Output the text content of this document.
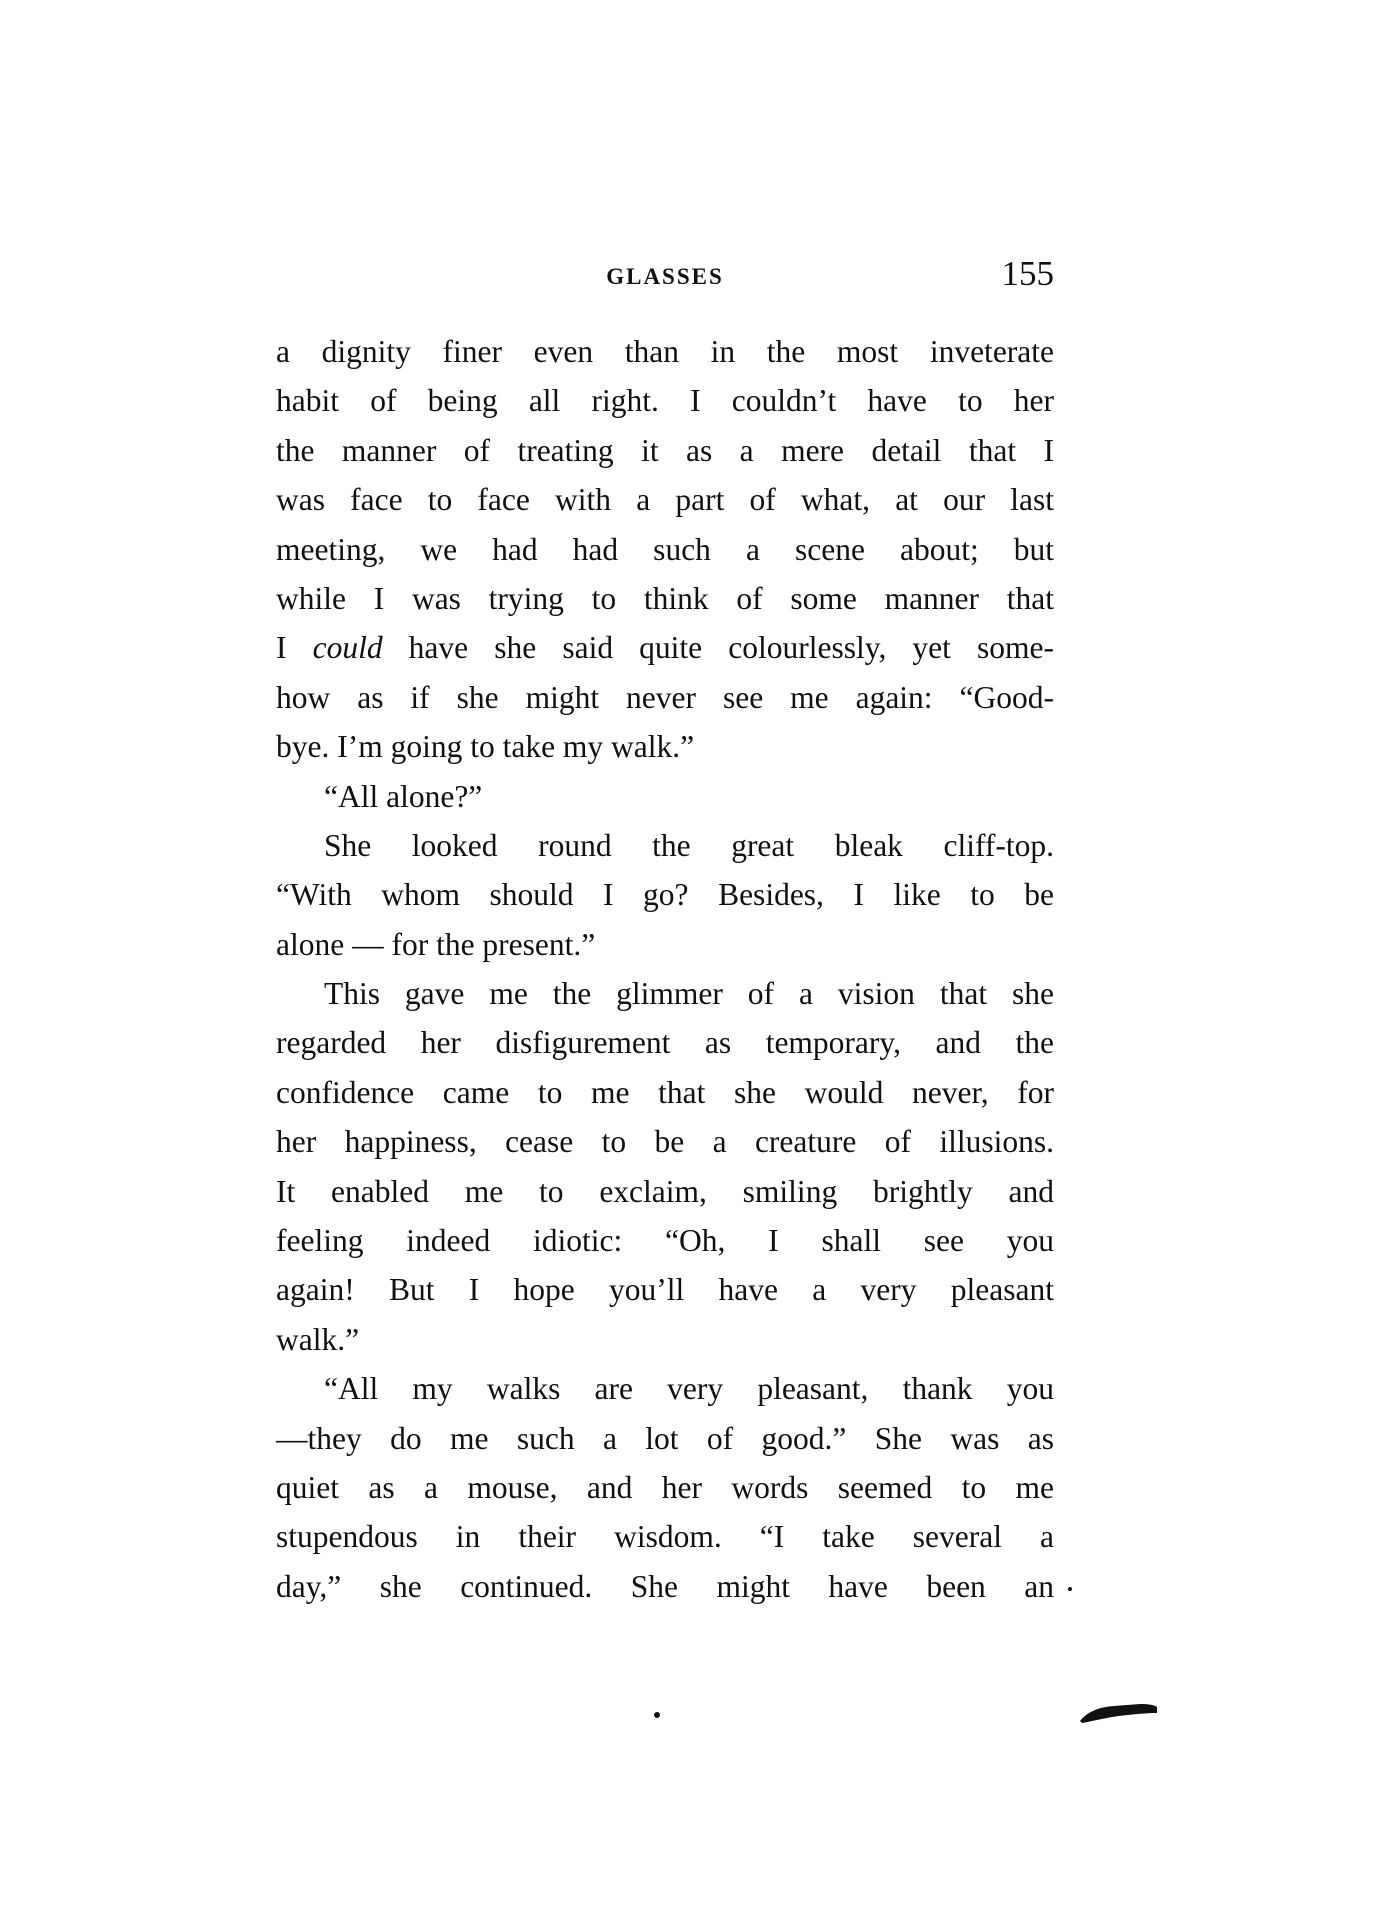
GLASSES	155
a dignity finer even than in the most inveterate
habit of being all right. I couldn’t have to her
the manner of treating it as a mere detail that I
was face to face with a part of what, at our last
meeting, we had had such a scene about; but
while I was trying to think of some manner that
I could have she said quite colourlessly, yet some-
how as if she might never see me again: “Good-
bye. I’m going to take my walk.”
“All alone?”
She looked round the great bleak cliff-top.
“With whom should I go? Besides, I like to be
alone — for the present.”
This gave me the glimmer of a vision that she
regarded her disfigurement as temporary, and the
confidence came to me that she would never, for
her happiness, cease to be a creature of illusions.
It enabled me to exclaim, smiling brightly and
feeling indeed idiotic: “Oh, I shall see you
again! But I hope you’ll have a very pleasant
walk.”
“All my walks are very pleasant, thank you
—they do me such a lot of good.” She was as
quiet as a mouse, and her words seemed to me
stupendous in their wisdom. “I take several a
day,” she continued. She might have been an
